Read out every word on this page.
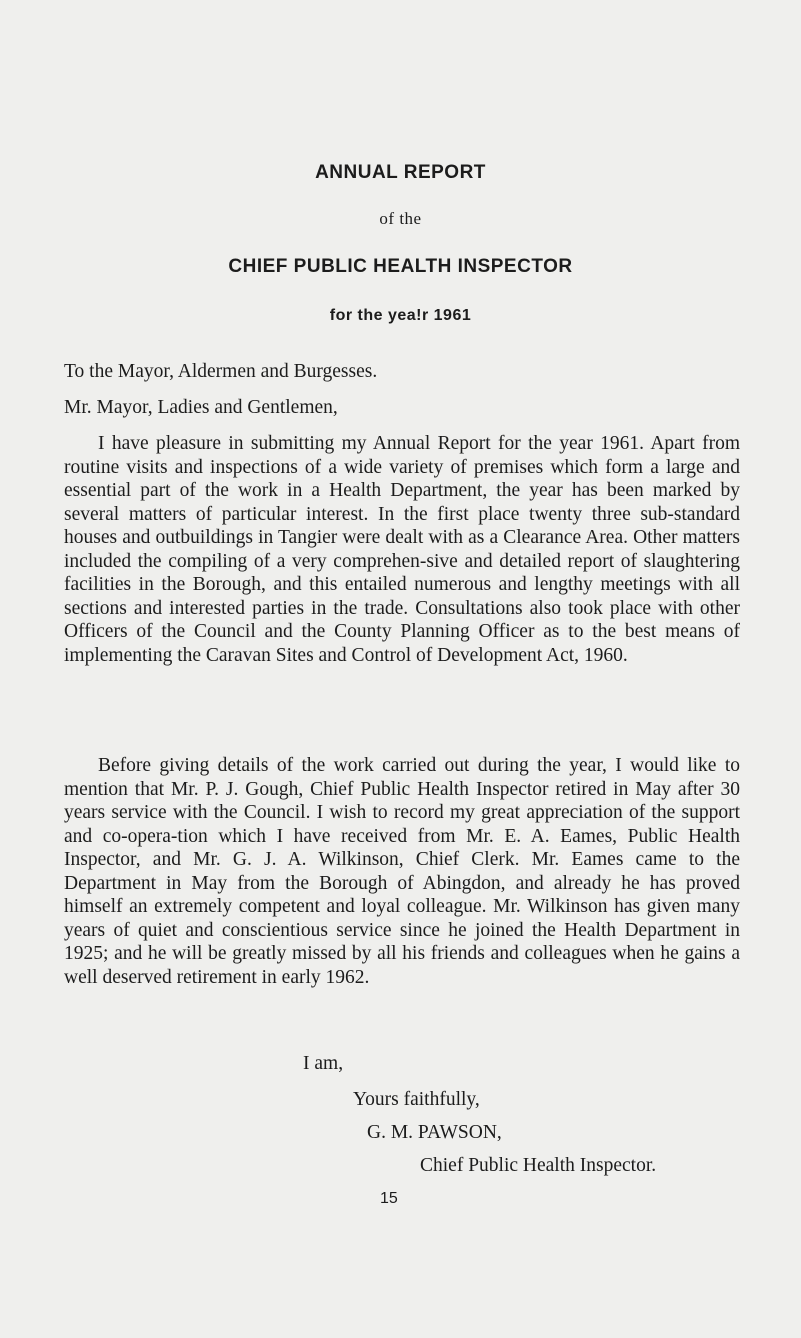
ANNUAL REPORT
of the
CHIEF PUBLIC HEALTH INSPECTOR
for the yea!r 1961
To the Mayor, Aldermen and Burgesses.
Mr. Mayor, Ladies and Gentlemen,

I have pleasure in submitting my Annual Report for the year 1961. Apart from routine visits and inspections of a wide variety of premises which form a large and essential part of the work in a Health Department, the year has been marked by several matters of particular interest. In the first place twenty three sub-standard houses and outbuildings in Tangier were dealt with as a Clearance Area. Other matters included the compiling of a very comprehen-sive and detailed report of slaughtering facilities in the Borough, and this entailed numerous and lengthy meetings with all sections and interested parties in the trade. Consultations also took place with other Officers of the Council and the County Planning Officer as to the best means of implementing the Caravan Sites and Control of Development Act, 1960.

Before giving details of the work carried out during the year, I would like to mention that Mr. P. J. Gough, Chief Public Health Inspector retired in May after 30 years service with the Council. I wish to record my great appreciation of the support and co-opera-tion which I have received from Mr. E. A. Eames, Public Health Inspector, and Mr. G. J. A. Wilkinson, Chief Clerk. Mr. Eames came to the Department in May from the Borough of Abingdon, and already he has proved himself an extremely competent and loyal colleague. Mr. Wilkinson has given many years of quiet and conscientious service since he joined the Health Department in 1925; and he will be greatly missed by all his friends and colleagues when he gains a well deserved retirement in early 1962.

I am,
Yours faithfully,
G. M. PAWSON,
Chief Public Health Inspector.
15
